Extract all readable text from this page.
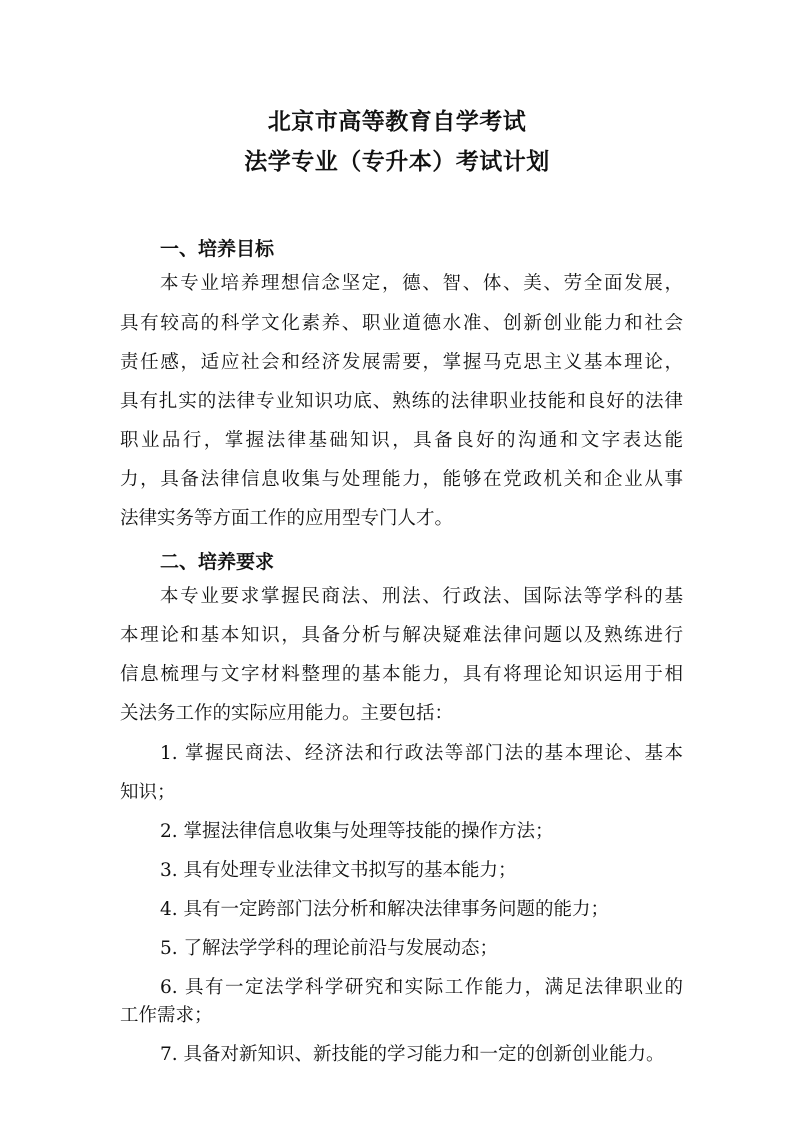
北京市高等教育自学考试
法学专业（专升本）考试计划
一、培养目标
本专业培养理想信念坚定，德、智、体、美、劳全面发展，
具有较高的科学文化素养、职业道德水准、创新创业能力和社会
责任感，适应社会和经济发展需要，掌握马克思主义基本理论，
具有扎实的法律专业知识功底、熟练的法律职业技能和良好的法律
职业品行，掌握法律基础知识，具备良好的沟通和文字表达能
力，具备法律信息收集与处理能力，能够在党政机关和企业从事
法律实务等方面工作的应用型专门人才。
二、培养要求
本专业要求掌握民商法、刑法、行政法、国际法等学科的基
本理论和基本知识，具备分析与解决疑难法律问题以及熟练进行
信息梳理与文字材料整理的基本能力，具有将理论知识运用于相
关法务工作的实际应用能力。主要包括：
1. 掌握民商法、经济法和行政法等部门法的基本理论、基本
知识；
2. 掌握法律信息收集与处理等技能的操作方法；
3. 具有处理专业法律文书拟写的基本能力；
4. 具有一定跨部门法分析和解决法律事务问题的能力；
5. 了解法学学科的理论前沿与发展动态；
6. 具有一定法学科学研究和实际工作能力，满足法律职业的
工作需求；
7. 具备对新知识、新技能的学习能力和一定的创新创业能力。
